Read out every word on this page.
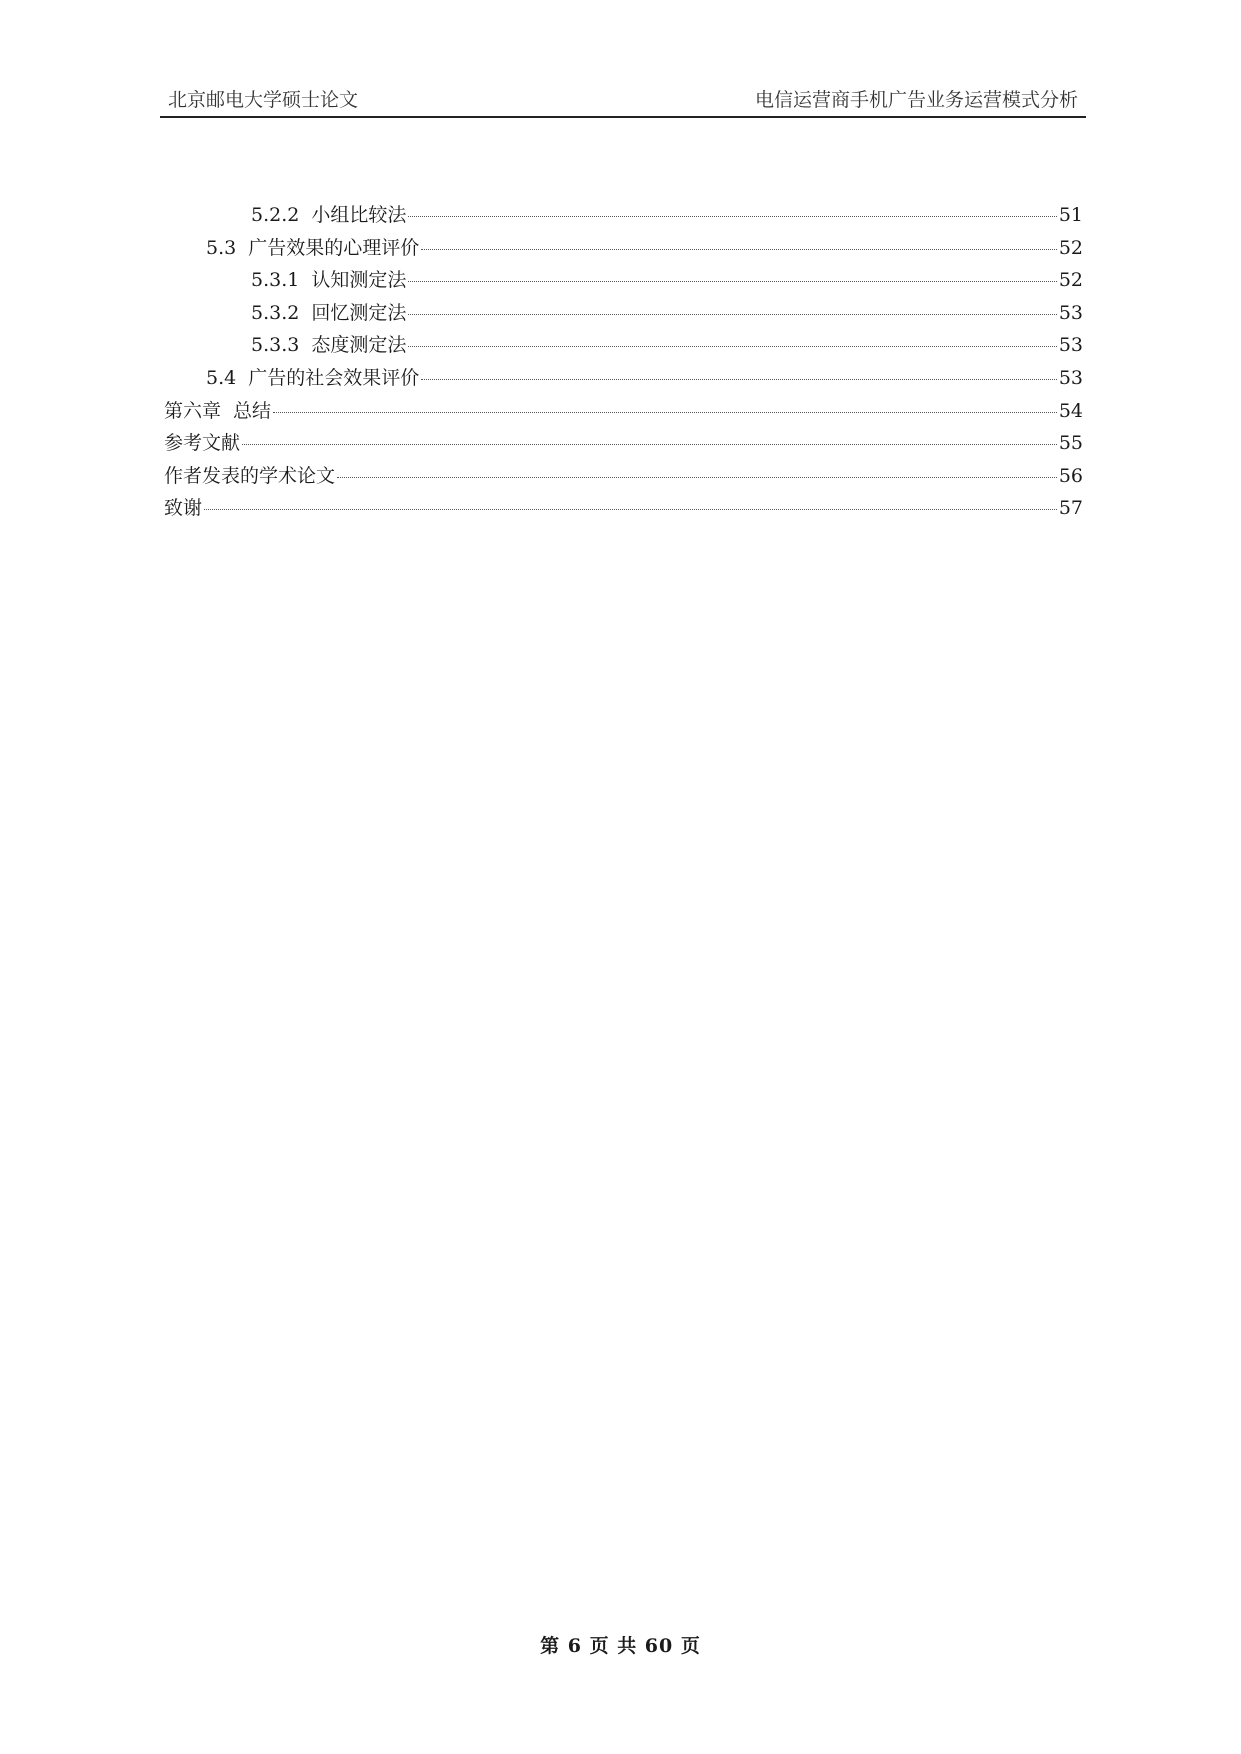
北京邮电大学硕士论文	电信运营商手机广告业务运营模式分析
5.2.2 小组比较法	51
5.3 广告效果的心理评价	52
5.3.1 认知测定法	52
5.3.2 回忆测定法	53
5.3.3 态度测定法	53
5.4 广告的社会效果评价	53
第六章 总结	54
参考文献	55
作者发表的学术论文	56
致谢	57
第 6 页 共 60 页
